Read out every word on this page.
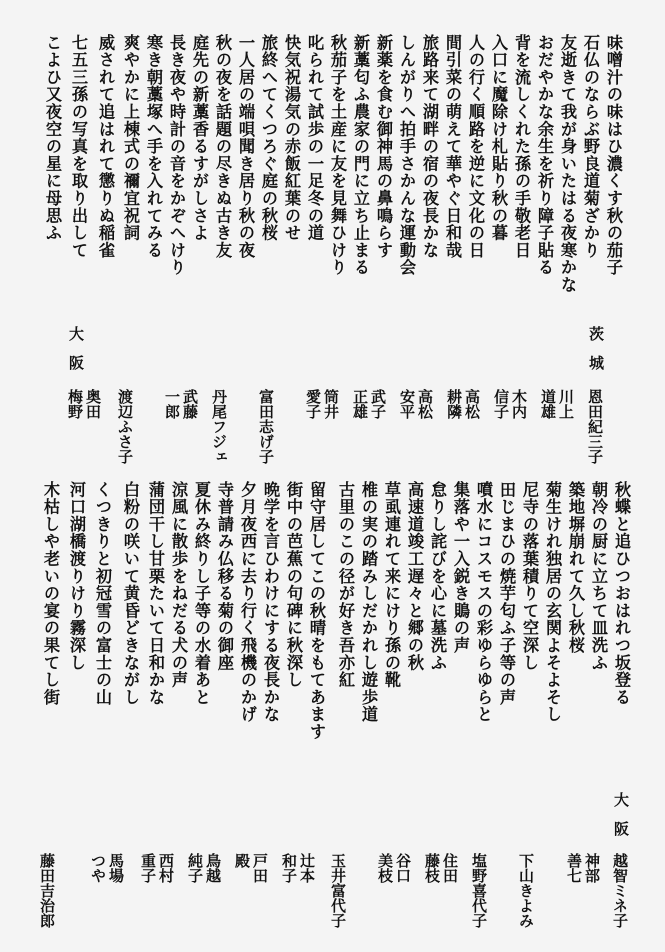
味噌汁の味はひ濃くす秋の茄子
石仏のならぶ野良道菊ざかり
友逝きて我が身いたはる夜寒かな
おだやかな余生を祈り障子貼る
背を流しくれた孫の手敬老日
入口に魔除け札貼り秋の暮
人の行く順路を逆に文化の日
間引菜の萌えて華やぐ日和哉
旅路来て湖畔の宿の夜長かな
しんがりへ拍手さかんな運動会
新薬を食む御神馬の鼻鳴らす
新藁匂ふ農家の門に立ち止まる
秋茄子を土産に友を見舞ひけり
叱られて試歩の一足冬の道
快気祝湯気の赤飯紅葉のせ
旅終へてくつろぐ庭の秋桜
一人居の端唄聞き居り秋の夜
秋の夜を話題の尽きぬ古き友
庭先の新藁香るすがしさよ
長き夜や時計の音をかぞへけり
寒き朝藁塚へ手を入れてみる
爽やかに上棟式の禰宜祝詞
威されて追はれて懲りぬ稲雀
七五三孫の写真を取り出して
こよひ又夜空の星に母思ふ
茨城
大阪
恩田紀三子
川上
道雄
木内
信子
高松
耕隣
高松
安平
武子
正雄
筒井
愛子
富田志げ子
丹尾フジェ
武藤
一郎
渡辺ふさ子
奥田
梅野
秋蝶と追ひつおはれつ坂登る
朝冷の厨に立ちて皿洗ふ
築地塀崩れて久し秋桜
菊生けれ独居の玄関よそよそし
尼寺の落葉積りて空深し
田じまひの焼芋匂ふ子等の声
噴水にコスモスの彩ゆらゆらと
集落や一入鋭き鵙の声
怠りし詫びを心に墓洗ふ
高速道竣工遅々と郷の秋
草虱連れて来にけり孫の靴
椎の実の踏みしだかれし遊歩道
古里のこの径が好き吾亦紅
留守居してこの秋晴をもてあます
街中の芭蕉の句碑に秋深し
晩学を言ひわけにする夜長かな
夕月夜西に去り行く飛機のかげ
寺普請み仏移る菊の御座
夏休み終りし子等の水着あと
涼風に散歩をねだる犬の声
蒲団干し甘栗たいて日和かな
白粉の咲いて黄昏どきながし
くつきりと初冠雪の富士の山
河口湖橋渡りけり霧深し
木枯しや老いの宴の果てし街
大阪
越智ミネ子
神部
善七
下山きよみ
塩野喜代子
住田
藤枝
谷口
美枝
玉井富代子
辻本
和子
戸田
殿
鳥越
純子
西村
重子
馬場
つや
藤田吉治郎
